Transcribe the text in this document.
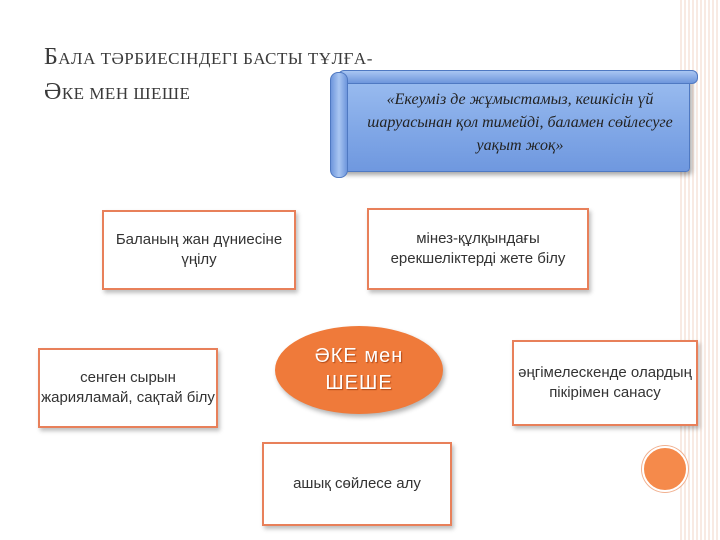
БАЛА ТӘРБИЕСІНДЕГІ БАСТЫ ТҰЛҒА-
ӘКЕ МЕН ШЕШЕ	«Екеуміз де жұмыстамыз, кешкісін үй шаруасынан қол тимейді, баламен сөйлесуге уақыт жоқ»
Баланың жан дүниесіне үңілу
мінез-құлқындағы ерекшеліктерді жете білу
сенген сырын жарияламай, сақтай білу
әңгімелескенде олардың пікірімен санасу
ашық сөйлесе алу
ӘКЕ мен ШЕШЕ
